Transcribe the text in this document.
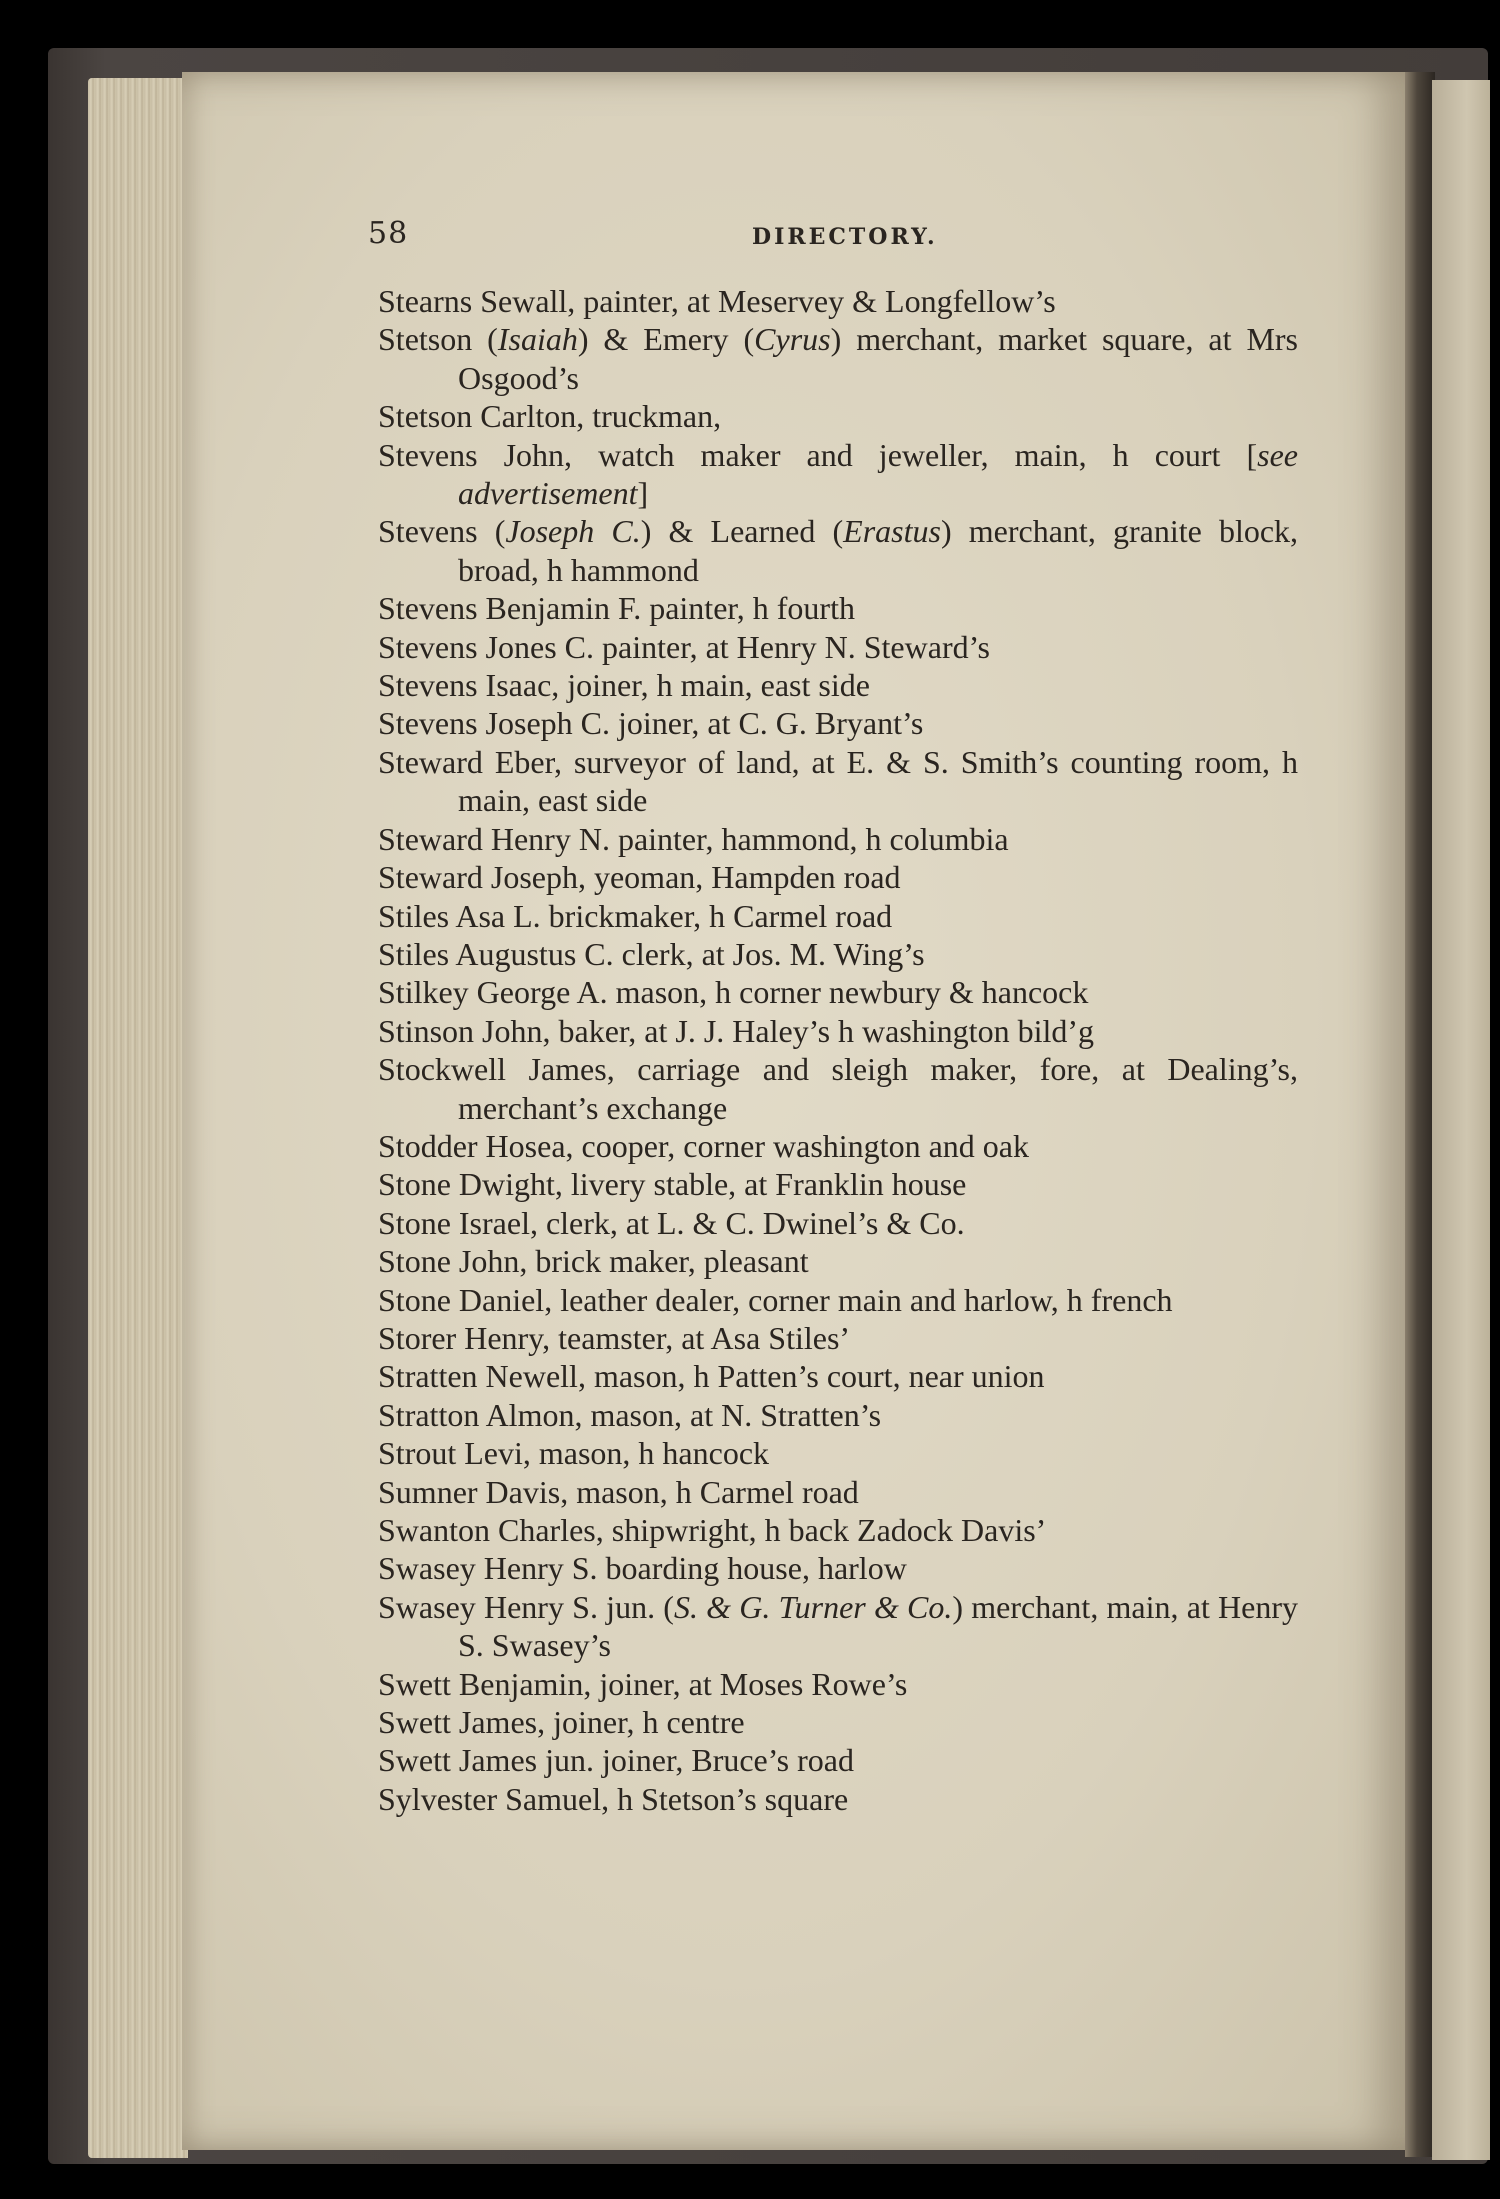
58	DIRECTORY.

Stearns Sewall, painter, at Meservey & Longfellow’s

Stetson (Isaiah) & Emery (Cyrus) merchant, market square, at Mrs Osgood’s

Stetson Carlton, truckman,

Stevens John, watch maker and jeweller, main, h court [see advertisement]

Stevens (Joseph C.) & Learned (Erastus) merchant, granite block, broad, h hammond

Stevens Benjamin F. painter, h fourth

Stevens Jones C. painter, at Henry N. Steward’s

Stevens Isaac, joiner, h main, east side

Stevens Joseph C. joiner, at C. G. Bryant’s

Steward Eber, surveyor of land, at E. & S. Smith’s counting room, h main, east side

Steward Henry N. painter, hammond, h columbia

Steward Joseph, yeoman, Hampden road

Stiles Asa L. brickmaker, h Carmel road

Stiles Augustus C. clerk, at Jos. M. Wing’s

Stilkey George A. mason, h corner newbury & hancock

Stinson John, baker, at J. J. Haley’s h washington bild’g

Stockwell James, carriage and sleigh maker, fore, at Dealing’s, merchant’s exchange

Stodder Hosea, cooper, corner washington and oak

Stone Dwight, livery stable, at Franklin house

Stone Israel, clerk, at L. & C. Dwinel’s & Co.

Stone John, brick maker, pleasant

Stone Daniel, leather dealer, corner main and harlow, h french

Storer Henry, teamster, at Asa Stiles’

Stratten Newell, mason, h Patten’s court, near union

Stratton Almon, mason, at N. Stratten’s

Strout Levi, mason, h hancock

Sumner Davis, mason, h Carmel road

Swanton Charles, shipwright, h back Zadock Davis’

Swasey Henry S. boarding house, harlow

Swasey Henry S. jun. (S. & G. Turner & Co.) merchant, main, at Henry S. Swasey’s

Swett Benjamin, joiner, at Moses Rowe’s

Swett James, joiner, h centre

Swett James jun. joiner, Bruce’s road

Sylvester Samuel, h Stetson’s square
